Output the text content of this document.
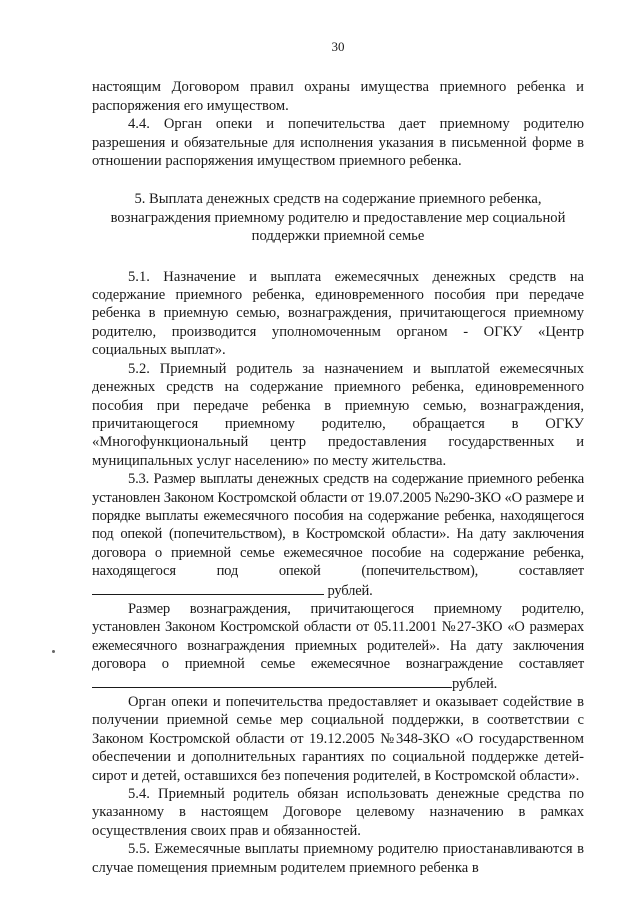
30

настоящим Договором правил охраны имущества приемного ребенка и распоряжения его имуществом.

4.4. Орган опеки и попечительства дает приемному родителю разрешения и обязательные для исполнения указания в письменной форме в отношении распоряжения имуществом приемного ребенка.

5. Выплата денежных средств на содержание приемного ребенка, вознаграждения приемному родителю и предоставление мер социальной поддержки приемной семье

5.1. Назначение и выплата ежемесячных денежных средств на содержание приемного ребенка, единовременного пособия при передаче ребенка в приемную семью, вознаграждения, причитающегося приемному родителю, производится уполномоченным органом - ОГКУ «Центр социальных выплат».

5.2. Приемный родитель за назначением и выплатой ежемесячных денежных средств на содержание приемного ребенка, единовременного пособия при передаче ребенка в приемную семью, вознаграждения, причитающегося приемному родителю, обращается в ОГКУ «Многофункциональный центр предоставления государственных и муниципальных услуг населению» по месту жительства.

5.3. Размер выплаты денежных средств на содержание приемного ребенка установлен Законом Костромской области от 19.07.2005 №290-ЗКО «О размере и порядке выплаты ежемесячного пособия на содержание ребенка, находящегося под опекой (попечительством), в Костромской области». На дату заключения договора о приемной семье ежемесячное пособие на содержание ребенка, находящегося под опекой (попечительством), составляет рублей.

Размер вознаграждения, причитающегося приемному родителю, установлен Законом Костромской области от 05.11.2001 №27-ЗКО «О размерах ежемесячного вознаграждения приемных родителей». На дату заключения договора о приемной семье ежемесячное вознаграждение составляетрублей.

Орган опеки и попечительства предоставляет и оказывает содействие в получении приемной семье мер социальной поддержки, в соответствии с Законом Костромской области от 19.12.2005 №348-ЗКО «О государственном обеспечении и дополнительных гарантиях по социальной поддержке детей-сирот и детей, оставшихся без попечения родителей, в Костромской области».

5.4. Приемный родитель обязан использовать денежные средства по указанному в настоящем Договоре целевому назначению в рамках осуществления своих прав и обязанностей.

5.5. Ежемесячные выплаты приемному родителю приостанавливаются в случае помещения приемным родителем приемного ребенка в
